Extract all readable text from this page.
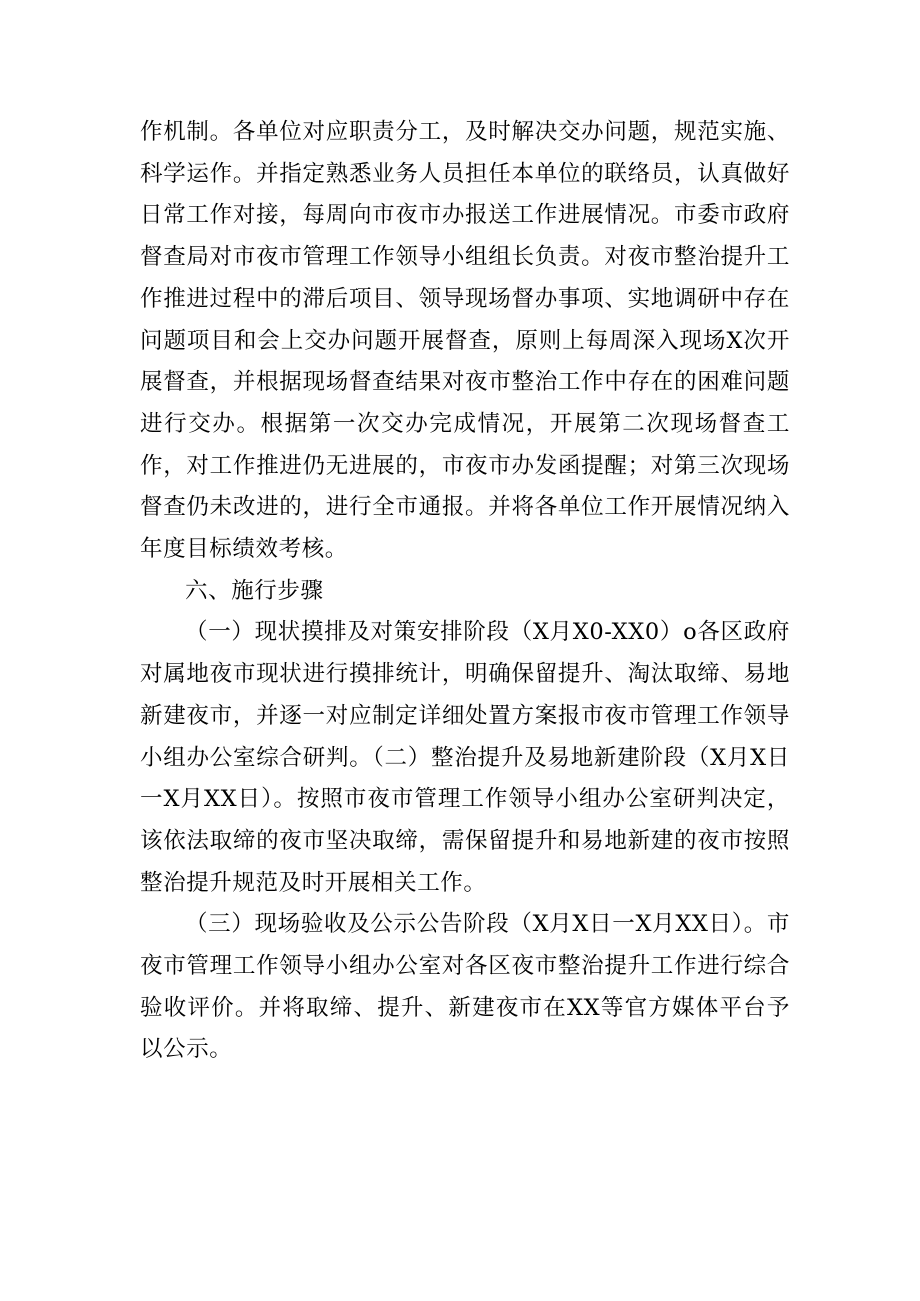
作机制。各单位对应职责分工，及时解决交办问题，规范实施、科学运作。并指定熟悉业务人员担任本单位的联络员，认真做好日常工作对接，每周向市夜市办报送工作进展情况。市委市政府督查局对市夜市管理工作领导小组组长负责。对夜市整治提升工作推进过程中的滞后项目、领导现场督办事项、实地调研中存在问题项目和会上交办问题开展督查，原则上每周深入现场X次开展督查，并根据现场督查结果对夜市整治工作中存在的困难问题进行交办。根据第一次交办完成情况，开展第二次现场督查工作，对工作推进仍无进展的，市夜市办发函提醒；对第三次现场督查仍未改进的，进行全市通报。并将各单位工作开展情况纳入年度目标绩效考核。

六、施行步骤

（一）现状摸排及对策安排阶段（X月X0-XX0）o各区政府对属地夜市现状进行摸排统计，明确保留提升、淘汰取缔、易地新建夜市，并逐一对应制定详细处置方案报市夜市管理工作领导小组办公室综合研判。（二）整治提升及易地新建阶段（X月X日一X月XX日）。按照市夜市管理工作领导小组办公室研判决定，该依法取缔的夜市坚决取缔，需保留提升和易地新建的夜市按照整治提升规范及时开展相关工作。

（三）现场验收及公示公告阶段（X月X日一X月XX日）。市夜市管理工作领导小组办公室对各区夜市整治提升工作进行综合验收评价。并将取缔、提升、新建夜市在XX等官方媒体平台予以公示。
